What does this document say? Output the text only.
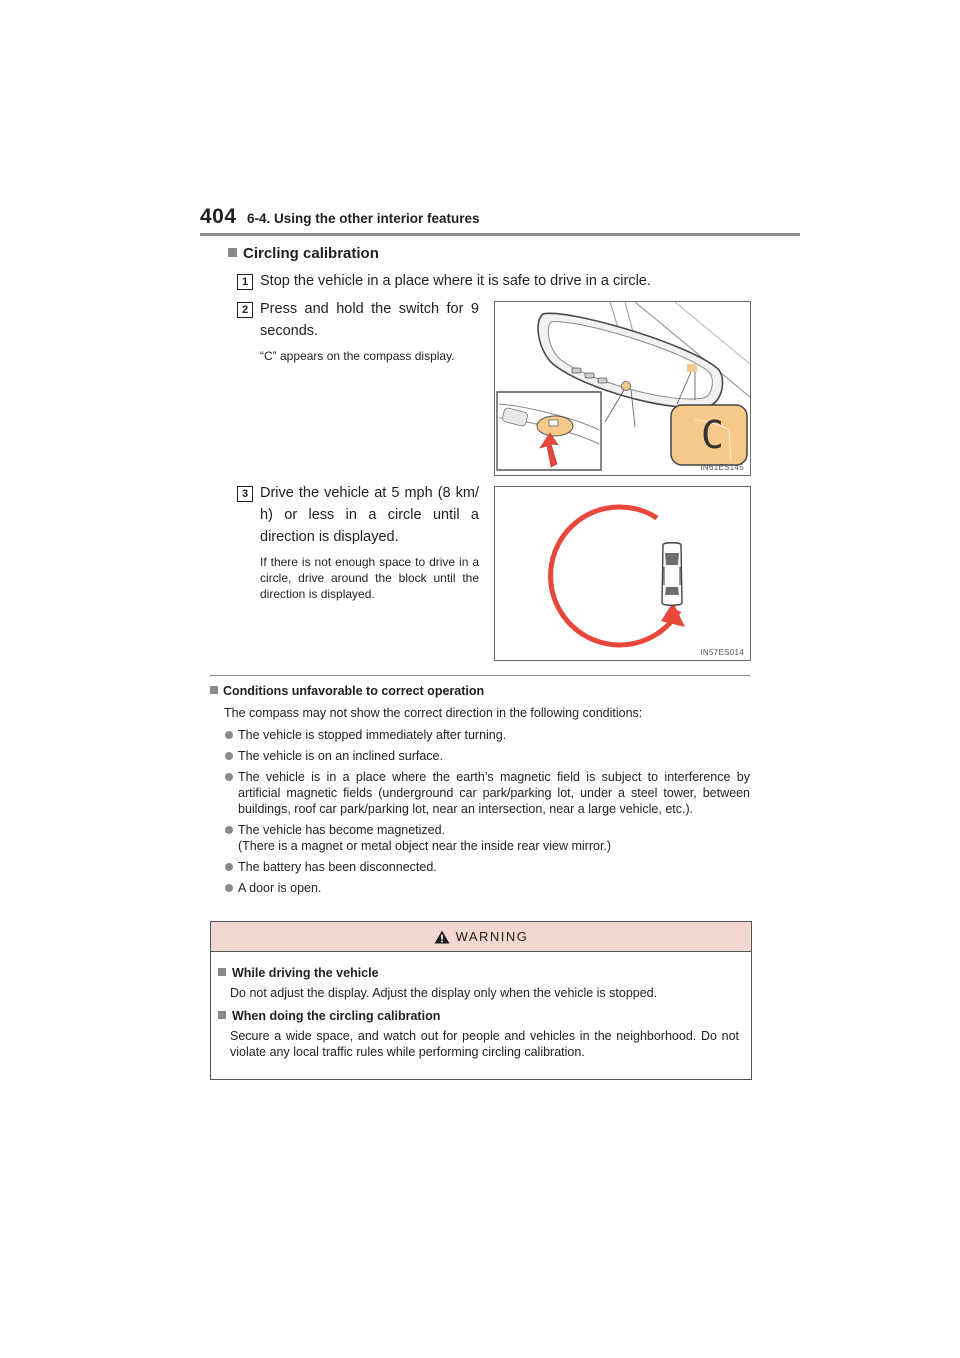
404 6-4. Using the other interior features
Circling calibration
1 Stop the vehicle in a place where it is safe to drive in a circle.
2 Press and hold the switch for 9 seconds.
“C” appears on the compass display.
C
IN61ES145
3 Drive the vehicle at 5 mph (8 km/ h) or less in a circle until a direction is displayed.
If there is not enough space to drive in a circle, drive around the block until the direction is displayed.
IN57ES014
Conditions unfavorable to correct operation
The compass may not show the correct direction in the following conditions:
The vehicle is stopped immediately after turning.
The vehicle is on an inclined surface.
The vehicle is in a place where the earth’s magnetic field is subject to interference by artificial magnetic fields (underground car park/parking lot, under a steel tower, between buildings, roof car park/parking lot, near an intersection, near a large vehicle, etc.).
The vehicle has become magnetized.
(There is a magnet or metal object near the inside rear view mirror.)
The battery has been disconnected.
A door is open.
WARNING
While driving the vehicle
Do not adjust the display. Adjust the display only when the vehicle is stopped.
When doing the circling calibration
Secure a wide space, and watch out for people and vehicles in the neighborhood. Do not violate any local traffic rules while performing circling calibration.
